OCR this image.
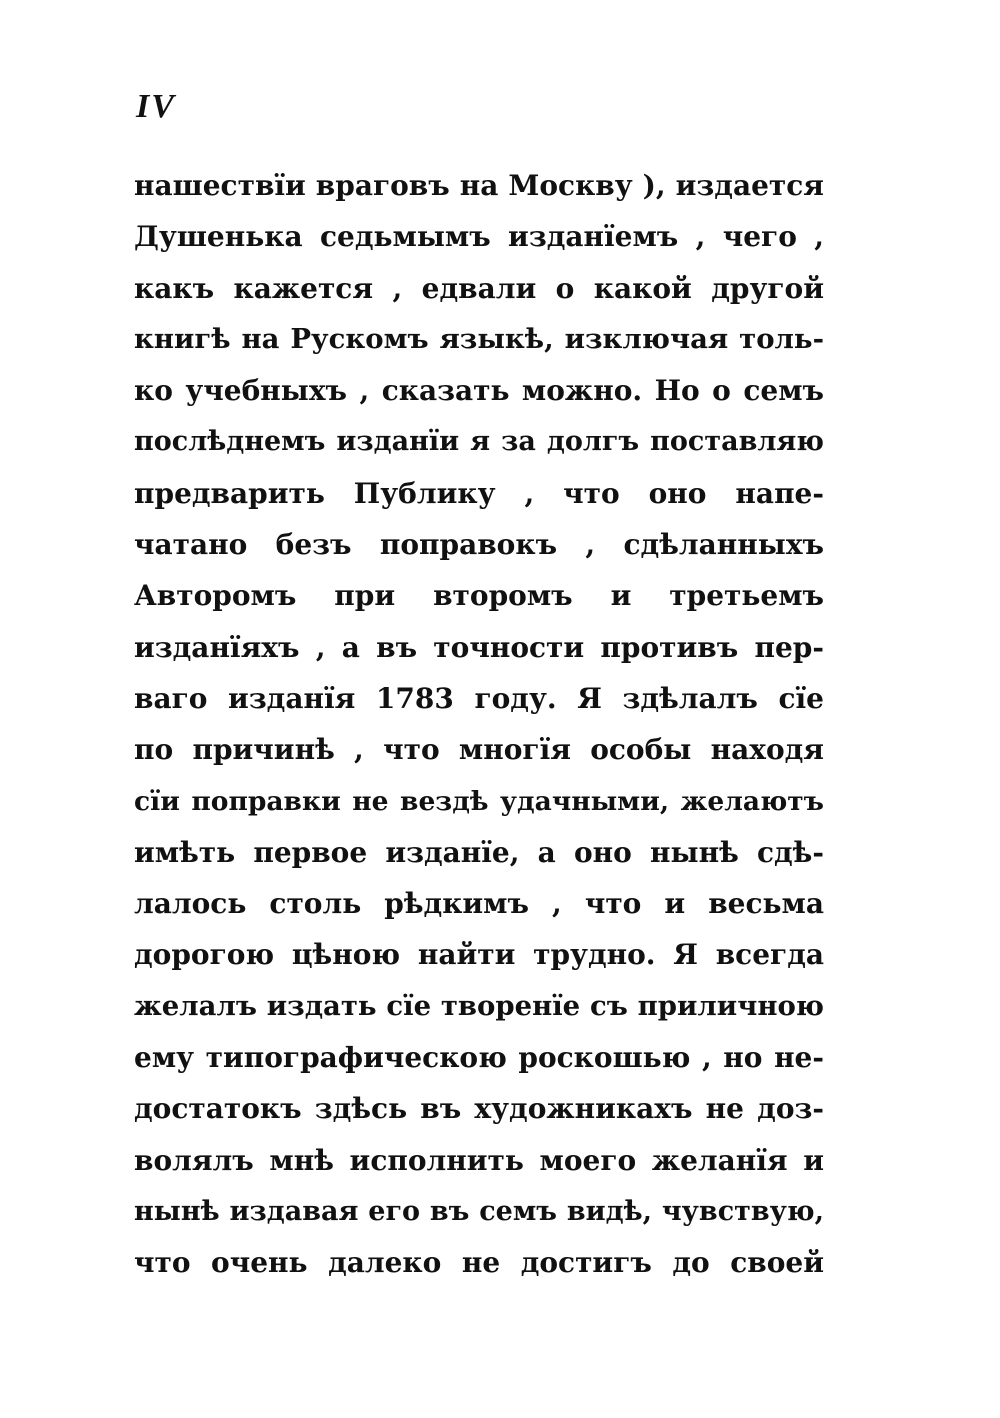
IV
нашествїи враговъ на Москву ), издается
Душенька седьмымъ изданїемъ , чего ,
какъ кажется , едвали о какой другой
книгѣ на Рускомъ языкѣ, изключая толь-
ко учебныхъ , сказать можно. Но о семъ
послѣднемъ изданїи я за долгъ поставляю
предварить Публику , что оно напе-
чатано безъ поправокъ , сдѣланныхъ
Авторомъ при второмъ и третьемъ
изданїяхъ , а въ точности противъ пер-
ваго изданїя 1783 году. Я здѣлалъ сїе
по причинѣ , что многїя особы находя
сїи поправки не вездѣ удачными, желаютъ
имѣть первое изданїе, а оно нынѣ сдѣ-
лалось столь рѣдкимъ , что и весьма
дорогою цѣною найти трудно. Я всегда
желалъ издать сїе творенїе съ приличною
ему типографическою роскошью , но не-
достатокъ здѣсь въ художникахъ не доз-
волялъ мнѣ исполнить моего желанїя и
нынѣ издавая его въ семъ видѣ, чувствую,
что очень далеко не достигъ до своей
